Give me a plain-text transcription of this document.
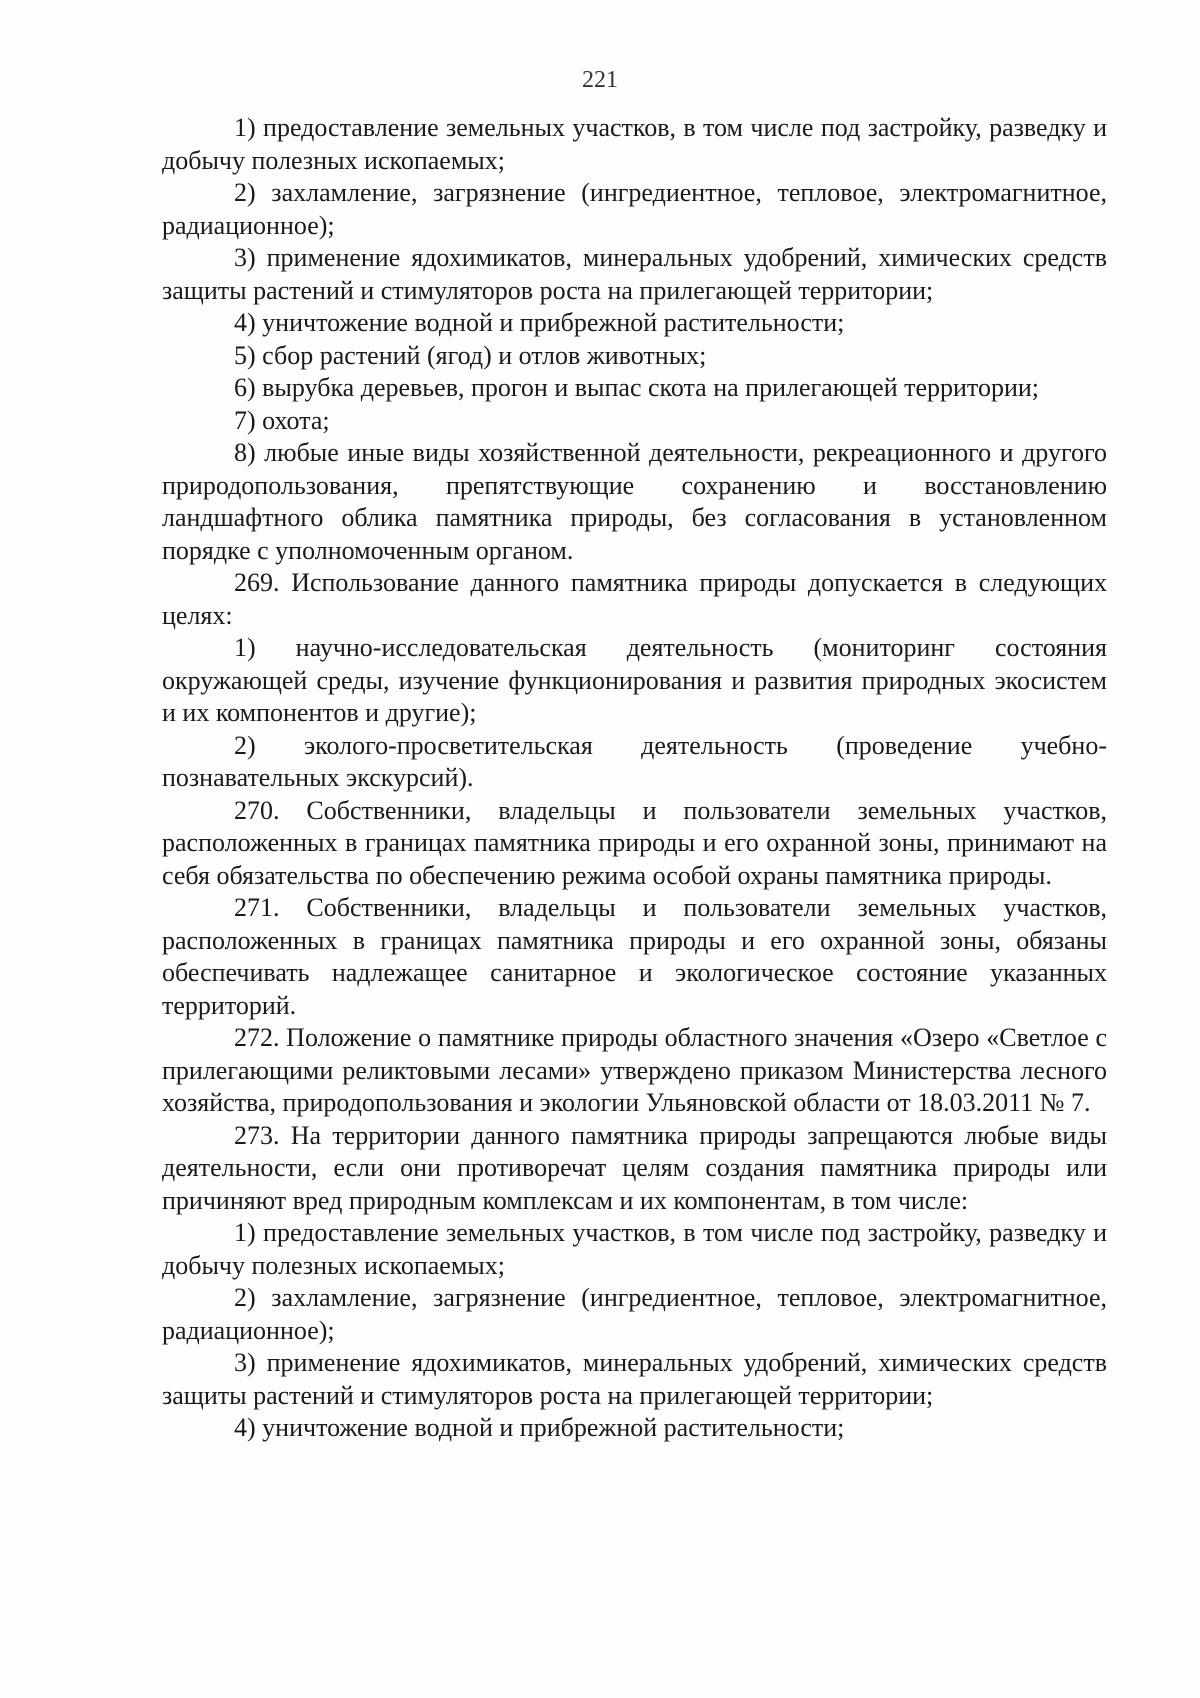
221

1) предоставление земельных участков, в том числе под застройку, разведку и добычу полезных ископаемых;

2) захламление, загрязнение (ингредиентное, тепловое, электромагнитное, радиационное);

3) применение ядохимикатов, минеральных удобрений, химических средств защиты растений и стимуляторов роста на прилегающей территории;

4) уничтожение водной и прибрежной растительности;

5) сбор растений (ягод) и отлов животных;

6) вырубка деревьев, прогон и выпас скота на прилегающей территории;

7) охота;

8) любые иные виды хозяйственной деятельности, рекреационного и другого природопользования, препятствующие сохранению и восстановлению ландшафтного облика памятника природы, без согласования в установленном порядке с уполномоченным органом.

269. Использование данного памятника природы допускается в следующих целях:

1) научно-исследовательская деятельность (мониторинг состояния окружающей среды, изучение функционирования и развития природных экосистем и их компонентов и другие);

2) эколого-просветительская деятельность (проведение учебно-познавательных экскурсий).

270. Собственники, владельцы и пользователи земельных участков, расположенных в границах памятника природы и его охранной зоны, принимают на себя обязательства по обеспечению режима особой охраны памятника природы.

271. Собственники, владельцы и пользователи земельных участков, расположенных в границах памятника природы и его охранной зоны, обязаны обеспечивать надлежащее санитарное и экологическое состояние указанных территорий.

272. Положение о памятнике природы областного значения «Озеро «Светлое с прилегающими реликтовыми лесами» утверждено приказом Министерства лесного хозяйства, природопользования и экологии Ульяновской области от 18.03.2011 № 7.

273. На территории данного памятника природы запрещаются любые виды деятельности, если они противоречат целям создания памятника природы или причиняют вред природным комплексам и их компонентам, в том числе:

1) предоставление земельных участков, в том числе под застройку, разведку и добычу полезных ископаемых;

2) захламление, загрязнение (ингредиентное, тепловое, электромагнитное, радиационное);

3) применение ядохимикатов, минеральных удобрений, химических средств защиты растений и стимуляторов роста на прилегающей территории;

4) уничтожение водной и прибрежной растительности;
